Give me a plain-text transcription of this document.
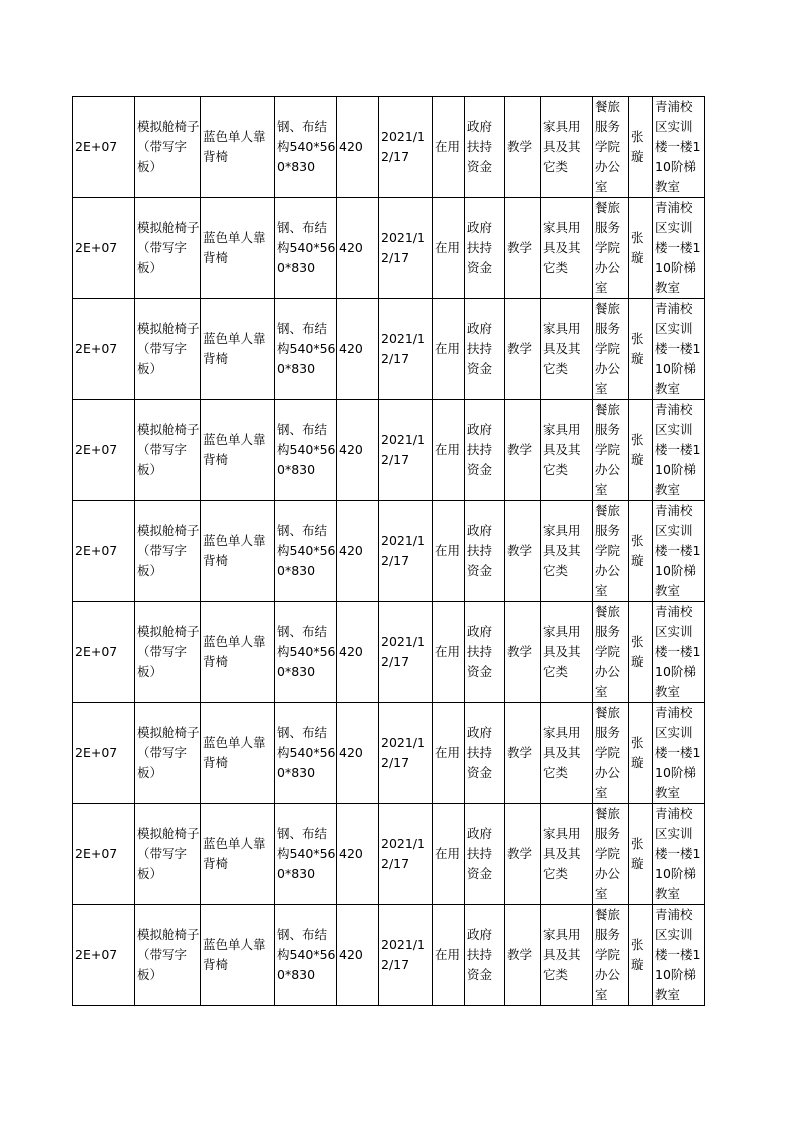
2E+07	模拟舱椅子（带写字板）	蓝色单人靠背椅	钢、布结构540*560*830	420	2021/12/17	在用	政府扶持资金	教学	家具用具及其它类	餐旅服务学院办公室	张璇	青浦校区实训楼一楼110阶梯教室
2E+07	模拟舱椅子（带写字板）	蓝色单人靠背椅	钢、布结构540*560*830	420	2021/12/17	在用	政府扶持资金	教学	家具用具及其它类	餐旅服务学院办公室	张璇	青浦校区实训楼一楼110阶梯教室
2E+07	模拟舱椅子（带写字板）	蓝色单人靠背椅	钢、布结构540*560*830	420	2021/12/17	在用	政府扶持资金	教学	家具用具及其它类	餐旅服务学院办公室	张璇	青浦校区实训楼一楼110阶梯教室
2E+07	模拟舱椅子（带写字板）	蓝色单人靠背椅	钢、布结构540*560*830	420	2021/12/17	在用	政府扶持资金	教学	家具用具及其它类	餐旅服务学院办公室	张璇	青浦校区实训楼一楼110阶梯教室
2E+07	模拟舱椅子（带写字板）	蓝色单人靠背椅	钢、布结构540*560*830	420	2021/12/17	在用	政府扶持资金	教学	家具用具及其它类	餐旅服务学院办公室	张璇	青浦校区实训楼一楼110阶梯教室
2E+07	模拟舱椅子（带写字板）	蓝色单人靠背椅	钢、布结构540*560*830	420	2021/12/17	在用	政府扶持资金	教学	家具用具及其它类	餐旅服务学院办公室	张璇	青浦校区实训楼一楼110阶梯教室
2E+07	模拟舱椅子（带写字板）	蓝色单人靠背椅	钢、布结构540*560*830	420	2021/12/17	在用	政府扶持资金	教学	家具用具及其它类	餐旅服务学院办公室	张璇	青浦校区实训楼一楼110阶梯教室
2E+07	模拟舱椅子（带写字板）	蓝色单人靠背椅	钢、布结构540*560*830	420	2021/12/17	在用	政府扶持资金	教学	家具用具及其它类	餐旅服务学院办公室	张璇	青浦校区实训楼一楼110阶梯教室
2E+07	模拟舱椅子（带写字板）	蓝色单人靠背椅	钢、布结构540*560*830	420	2021/12/17	在用	政府扶持资金	教学	家具用具及其它类	餐旅服务学院办公室	张璇	青浦校区实训楼一楼110阶梯教室
